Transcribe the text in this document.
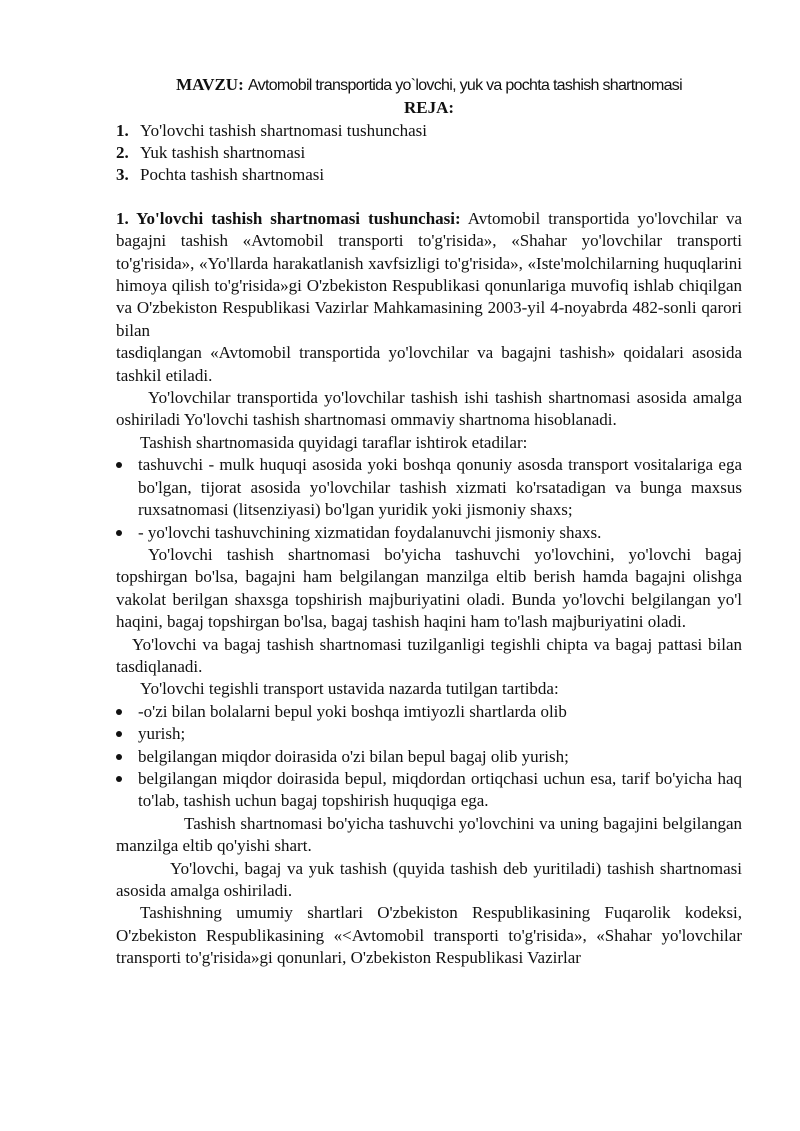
MAVZU: Avtomobil transportida yo`lovchi, yuk va pochta tashish shartnomasi

REJA:

1. Yo'lovchi tashish shartnomasi tushunchasi
2. Yuk tashish shartnomasi
3. Pochta tashish shartnomasi

1. Yo'lovchi tashish shartnomasi tushunchasi: Avtomobil transportida yo'lovchilar va bagajni tashish «Avtomobil transporti to'g'risida», «Shahar yo'lovchilar transporti to'g'risida», «Yo'llarda harakatlanish xavfsizligi to'g'risida», «Iste'molchilarning huquqlarini himoya qilish to'g'risida»gi O'zbekiston Respublikasi qonunlariga muvofiq ishlab chiqilgan va O'zbekiston Respublikasi Vazirlar Mahkamasining 2003-yil 4-noyabrda 482-sonli qarori bilan

tasdiqlangan «Avtomobil transportida yo'lovchilar va bagajni tashish» qoidalari asosida tashkil etiladi.

Yo'lovchilar transportida yo'lovchilar tashish ishi tashish shartnomasi asosida amalga oshiriladi Yo'lovchi tashish shartnomasi ommaviy shartnoma hisoblanadi.

Tashish shartnomasida quyidagi taraflar ishtirok etadilar:

tashuvchi - mulk huquqi asosida yoki boshqa qonuniy asosda transport vositalariga ega bo'lgan, tijorat asosida yo'lovchilar tashish xizmati ko'rsatadigan va bunga maxsus ruxsatnomasi (litsenziyasi) bo'lgan yuridik yoki jismoniy shaxs;
- yo'lovchi tashuvchining xizmatidan foydalanuvchi jismoniy shaxs.

Yo'lovchi tashish shartnomasi bo'yicha tashuvchi yo'lovchini, yo'lovchi bagaj topshirgan bo'lsa, bagajni ham belgilangan manzilga eltib berish hamda bagajni olishga vakolat berilgan shaxsga topshirish majburiyatini oladi. Bunda yo'lovchi belgilangan yo'l haqini, bagaj topshirgan bo'lsa, bagaj tashish haqini ham to'lash majburiyatini oladi.

Yo'lovchi va bagaj tashish shartnomasi tuzilganligi tegishli chipta va bagaj pattasi bilan tasdiqlanadi.

Yo'lovchi tegishli transport ustavida nazarda tutilgan tartibda:

-o'zi bilan bolalarni bepul yoki boshqa imtiyozli shartlarda olib
yurish;
belgilangan miqdor doirasida o'zi bilan bepul bagaj olib yurish;
belgilangan miqdor doirasida bepul, miqdordan ortiqchasi uchun esa, tarif bo'yicha haq to'lab, tashish uchun bagaj topshirish huquqiga ega.

Tashish shartnomasi bo'yicha tashuvchi yo'lovchini va uning bagajini belgilangan manzilga eltib qo'yishi shart.

Yo'lovchi, bagaj va yuk tashish (quyida tashish deb yuritiladi) tashish shartnomasi asosida amalga oshiriladi.

Tashishning umumiy shartlari O'zbekiston Respublikasining Fuqarolik kodeksi, O'zbekiston Respublikasining «<Avtomobil transporti to'g'risida», «Shahar yo'lovchilar transporti to'g'risida»gi qonunlari, O'zbekiston Respublikasi Vazirlar
